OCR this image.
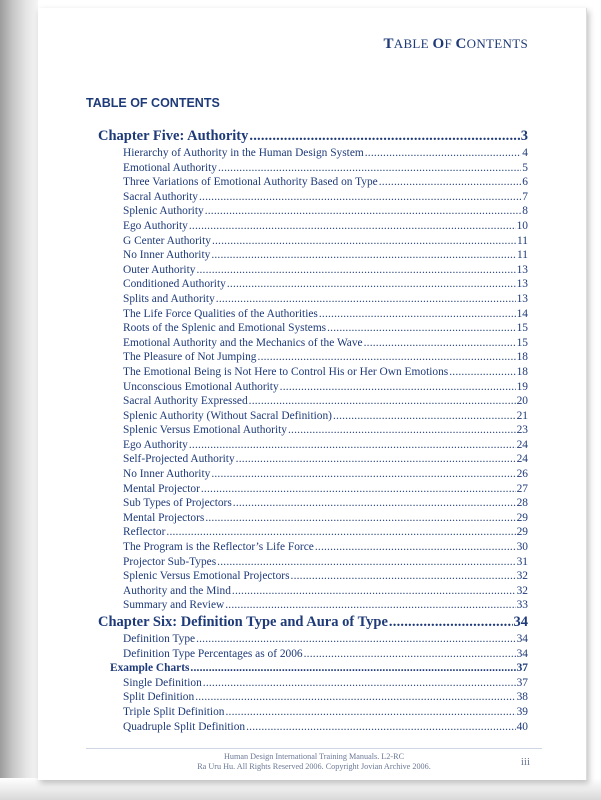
TABLE OF CONTENTS
TABLE OF CONTENTS
Chapter Five: Authority .....	3
Hierarchy of Authority in the Human Design System .....	4
Emotional Authority .....	5
Three Variations of Emotional Authority Based on Type .....	6
Sacral Authority .....	7
Splenic Authority .....	8
Ego Authority .....	10
G Center Authority .....	11
No Inner Authority .....	11
Outer Authority .....	13
Conditioned Authority .....	13
Splits and Authority .....	13
The Life Force Qualities of the Authorities .....	14
Roots of the Splenic and Emotional Systems .....	15
Emotional Authority and the Mechanics of the Wave .....	15
The Pleasure of Not Jumping .....	18
The Emotional Being is Not Here to Control His or Her Own Emotions .....	18
Unconscious Emotional Authority .....	19
Sacral Authority Expressed .....	20
Splenic Authority (Without Sacral Definition) .....	21
Splenic Versus Emotional Authority .....	23
Ego Authority .....	24
Self-Projected Authority .....	24
No Inner Authority .....	26
Mental Projector .....	27
Sub Types of Projectors .....	28
Mental Projectors .....	29
Reflector .....	29
The Program is the Reflector’s Life Force .....	30
Projector Sub-Types .....	31
Splenic Versus Emotional Projectors .....	32
Authority and the Mind .....	32
Summary and Review .....	33
Chapter Six: Definition Type and Aura of Type .....	34
Definition Type .....	34
Definition Type Percentages as of 2006 .....	34
Example Charts .....	37
Single Definition .....	37
Split Definition .....	38
Triple Split Definition .....	39
Quadruple Split Definition .....	40
Human Design International Training Manuals. L2-RC
Ra Uru Hu. All Rights Reserved 2006. Copyright Jovian Archive 2006.	iii
